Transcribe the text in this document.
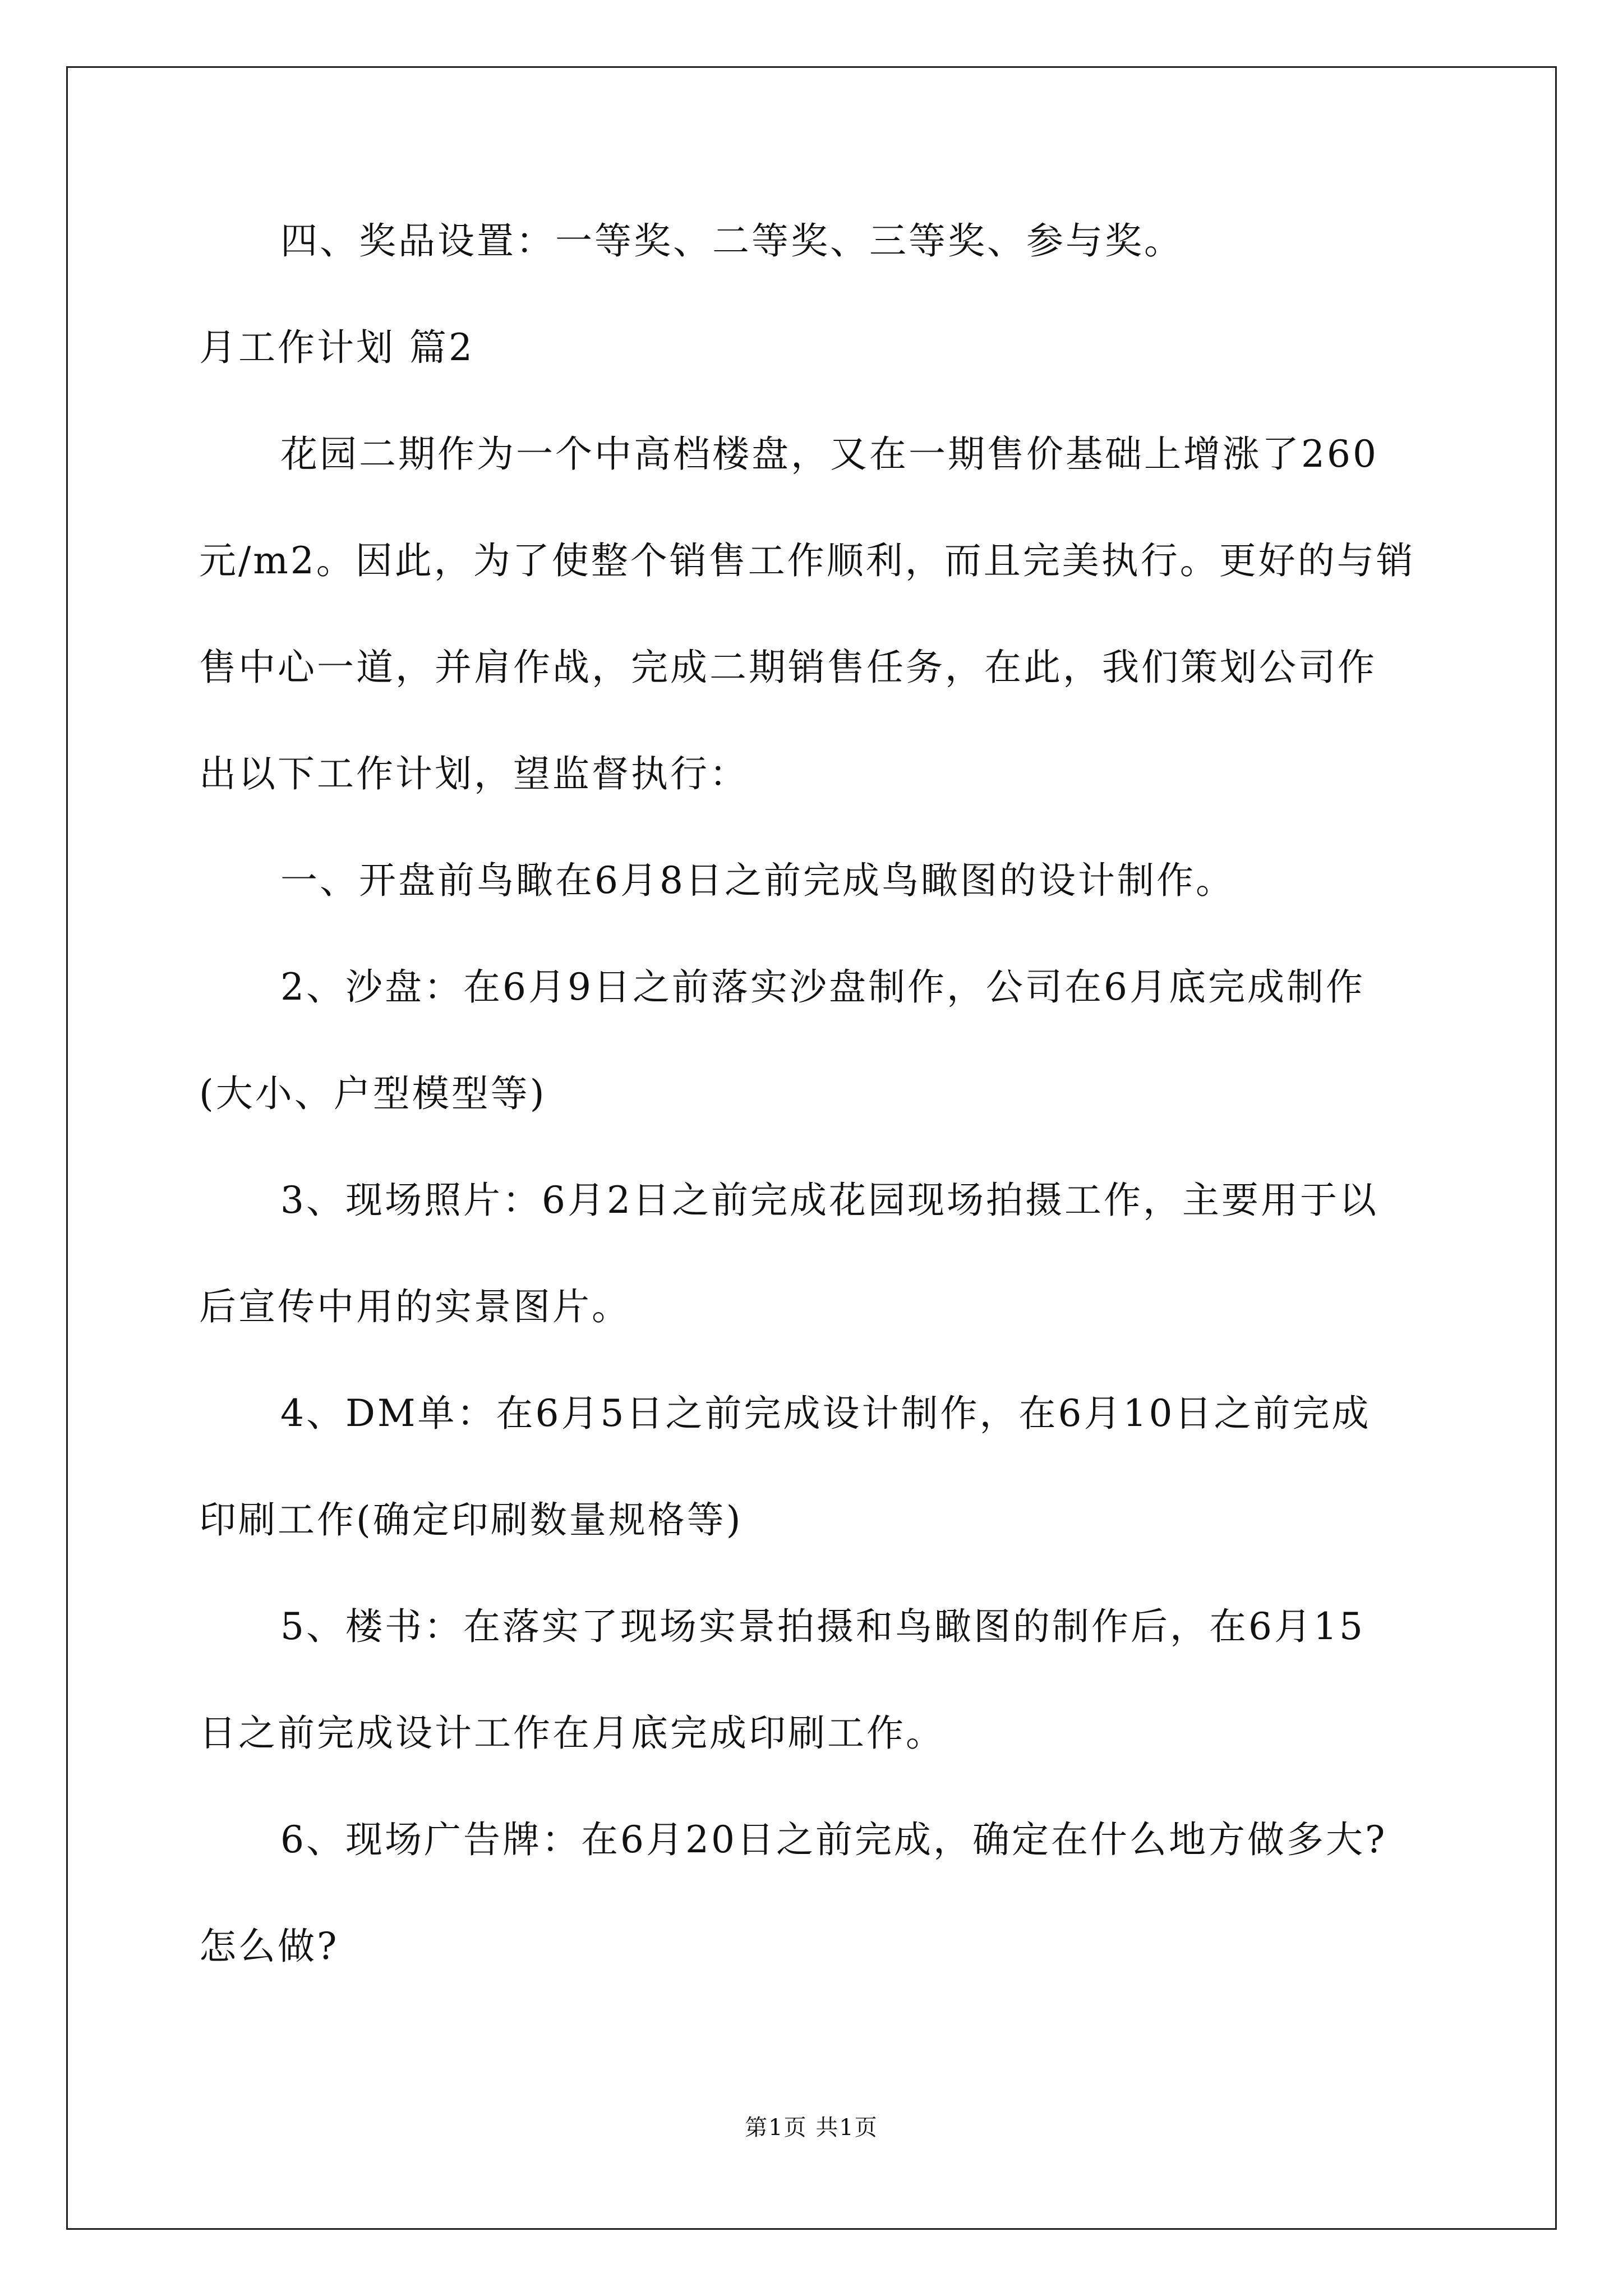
四、奖品设置：一等奖、二等奖、三等奖、参与奖。
月工作计划 篇2
花园二期作为一个中高档楼盘，又在一期售价基础上增涨了260
元/m2。因此，为了使整个销售工作顺利，而且完美执行。更好的与销
售中心一道，并肩作战，完成二期销售任务，在此，我们策划公司作
出以下工作计划，望监督执行：
一、开盘前鸟瞰在6月8日之前完成鸟瞰图的设计制作。
2、沙盘：在6月9日之前落实沙盘制作，公司在6月底完成制作
(大小、户型模型等)
3、现场照片：6月2日之前完成花园现场拍摄工作，主要用于以
后宣传中用的实景图片。
4、DM单：在6月5日之前完成设计制作，在6月10日之前完成
印刷工作(确定印刷数量规格等)
5、楼书：在落实了现场实景拍摄和鸟瞰图的制作后，在6月15
日之前完成设计工作在月底完成印刷工作。
6、现场广告牌：在6月20日之前完成，确定在什么地方做多大?
怎么做?
第1页 共1页
